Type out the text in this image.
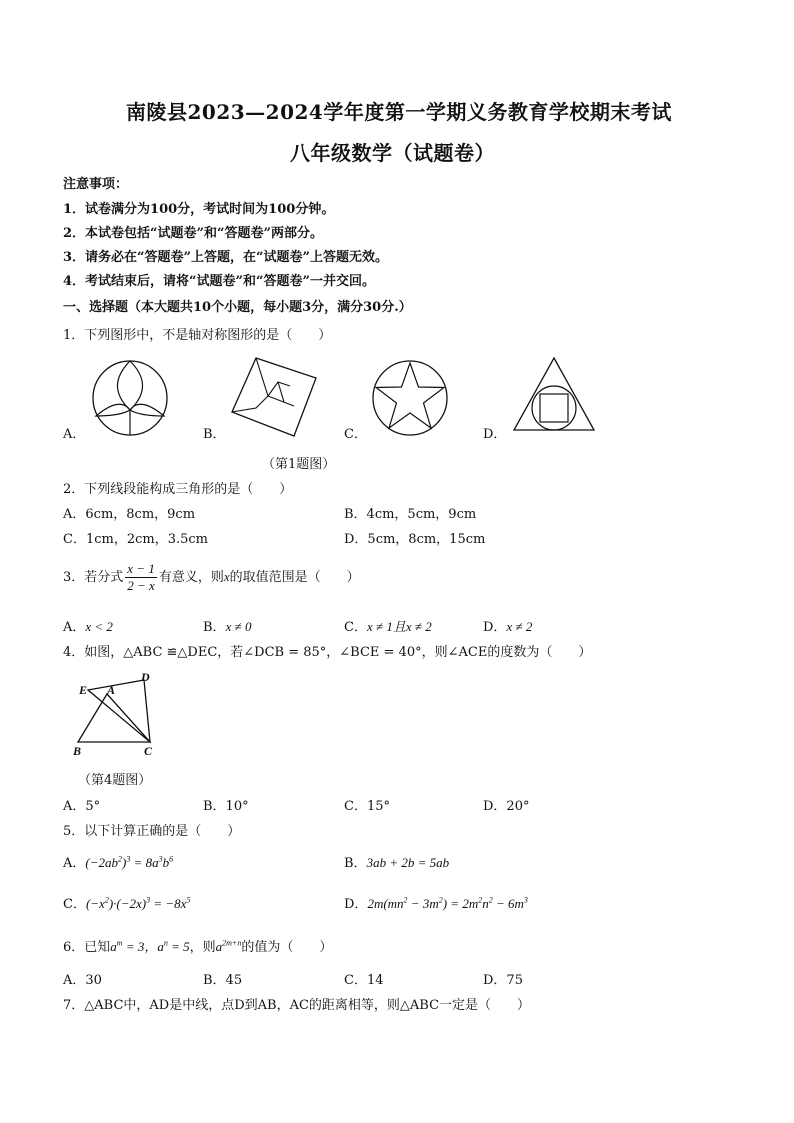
南陵县2023—2024学年度第一学期义务教育学校期末考试
八年级数学（试题卷）
注意事项：
1．试卷满分为100分，考试时间为100分钟。
2．本试卷包括“试题卷”和“答题卷”两部分。
3．请务必在“答题卷”上答题，在“试题卷”上答题无效。
4．考试结束后，请将“试题卷”和“答题卷”一并交回。
一、选择题（本大题共10个小题，每小题3分，满分30分.）
1．下列图形中，不是轴对称图形的是（　　）
A．	B．	C．	D．
（第1题图）
2．下列线段能构成三角形的是（　　）
A．6cm，8cm，9cm	B．4cm，5cm，9cm
C．1cm，2cm，3.5cm	D．5cm，8cm，15cm
3．若分式 $\frac{x - 1}{2 - x}$ 有意义，则x的取值范围是（　　）
A．x < 2	B．x ≠ 0	C．x ≠ 1且x ≠ 2	D．x ≠ 2
4．如图，△ABC ≌△DEC，若∠DCB = 85°，∠BCE = 40°，则∠ACE的度数为（　　）
E A
D
B	C
（第4题图）
A．5°	B．10°	C．15°	D．20°
5．以下计算正确的是（　　）
A．$(-2ab^2)^3 = 8a^3b^6$	B．3ab + 2b = 5ab
C．$(-x^2)\cdot(-2x)^3 = -8x^5$	D．$2m(mn^2 - 3m^2) = 2m^2n^2 - 6m^3$
6．已知$a^m = 3$，$a^n = 5$，则$a^{2m+n}$的值为（　　）
A．30	B．45	C．14	D．75
7．△ABC中，AD是中线，点D到AB，AC的距离相等，则△ABC一定是（　　）
